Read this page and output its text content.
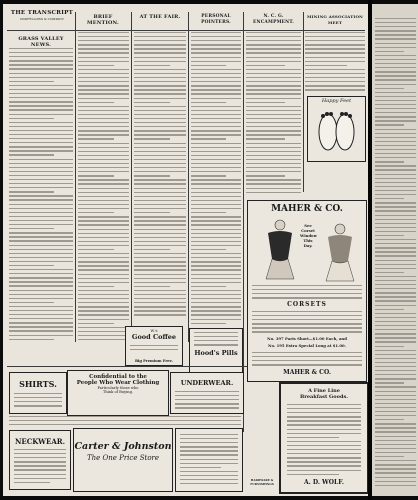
THE TRANSCRIPT
ODDFELLOWS & COMPANY	BRIEF MENTION.
AT THE FAIR.	PERSONAL POINTERS.
N. C. G. ENCAMPMENT.
MINING ASSOCIATION MEET
GRASS VALLEY NEWS.
Happy Feet
MAHER & CO.
See Corset Window This Day.
CORSETS
No. 397 Paris Short—$1.00 Each, and
No. 195 Extra Special Long at $1.00.
MAHER & CO.
W.'s
Good Coffee
Big Premium Free.
Hood's Pills
SHIRTS.
Confidential to the
People Who Wear Clothing
Particularly those who
Think of Buying.
UNDERWEAR.
NECKWEAR. Carter & Johnston
The One Price Store
A Fine Line
Breakfast Goods.
A. D. WOLF.
HARDWARE & FURNISHINGS
